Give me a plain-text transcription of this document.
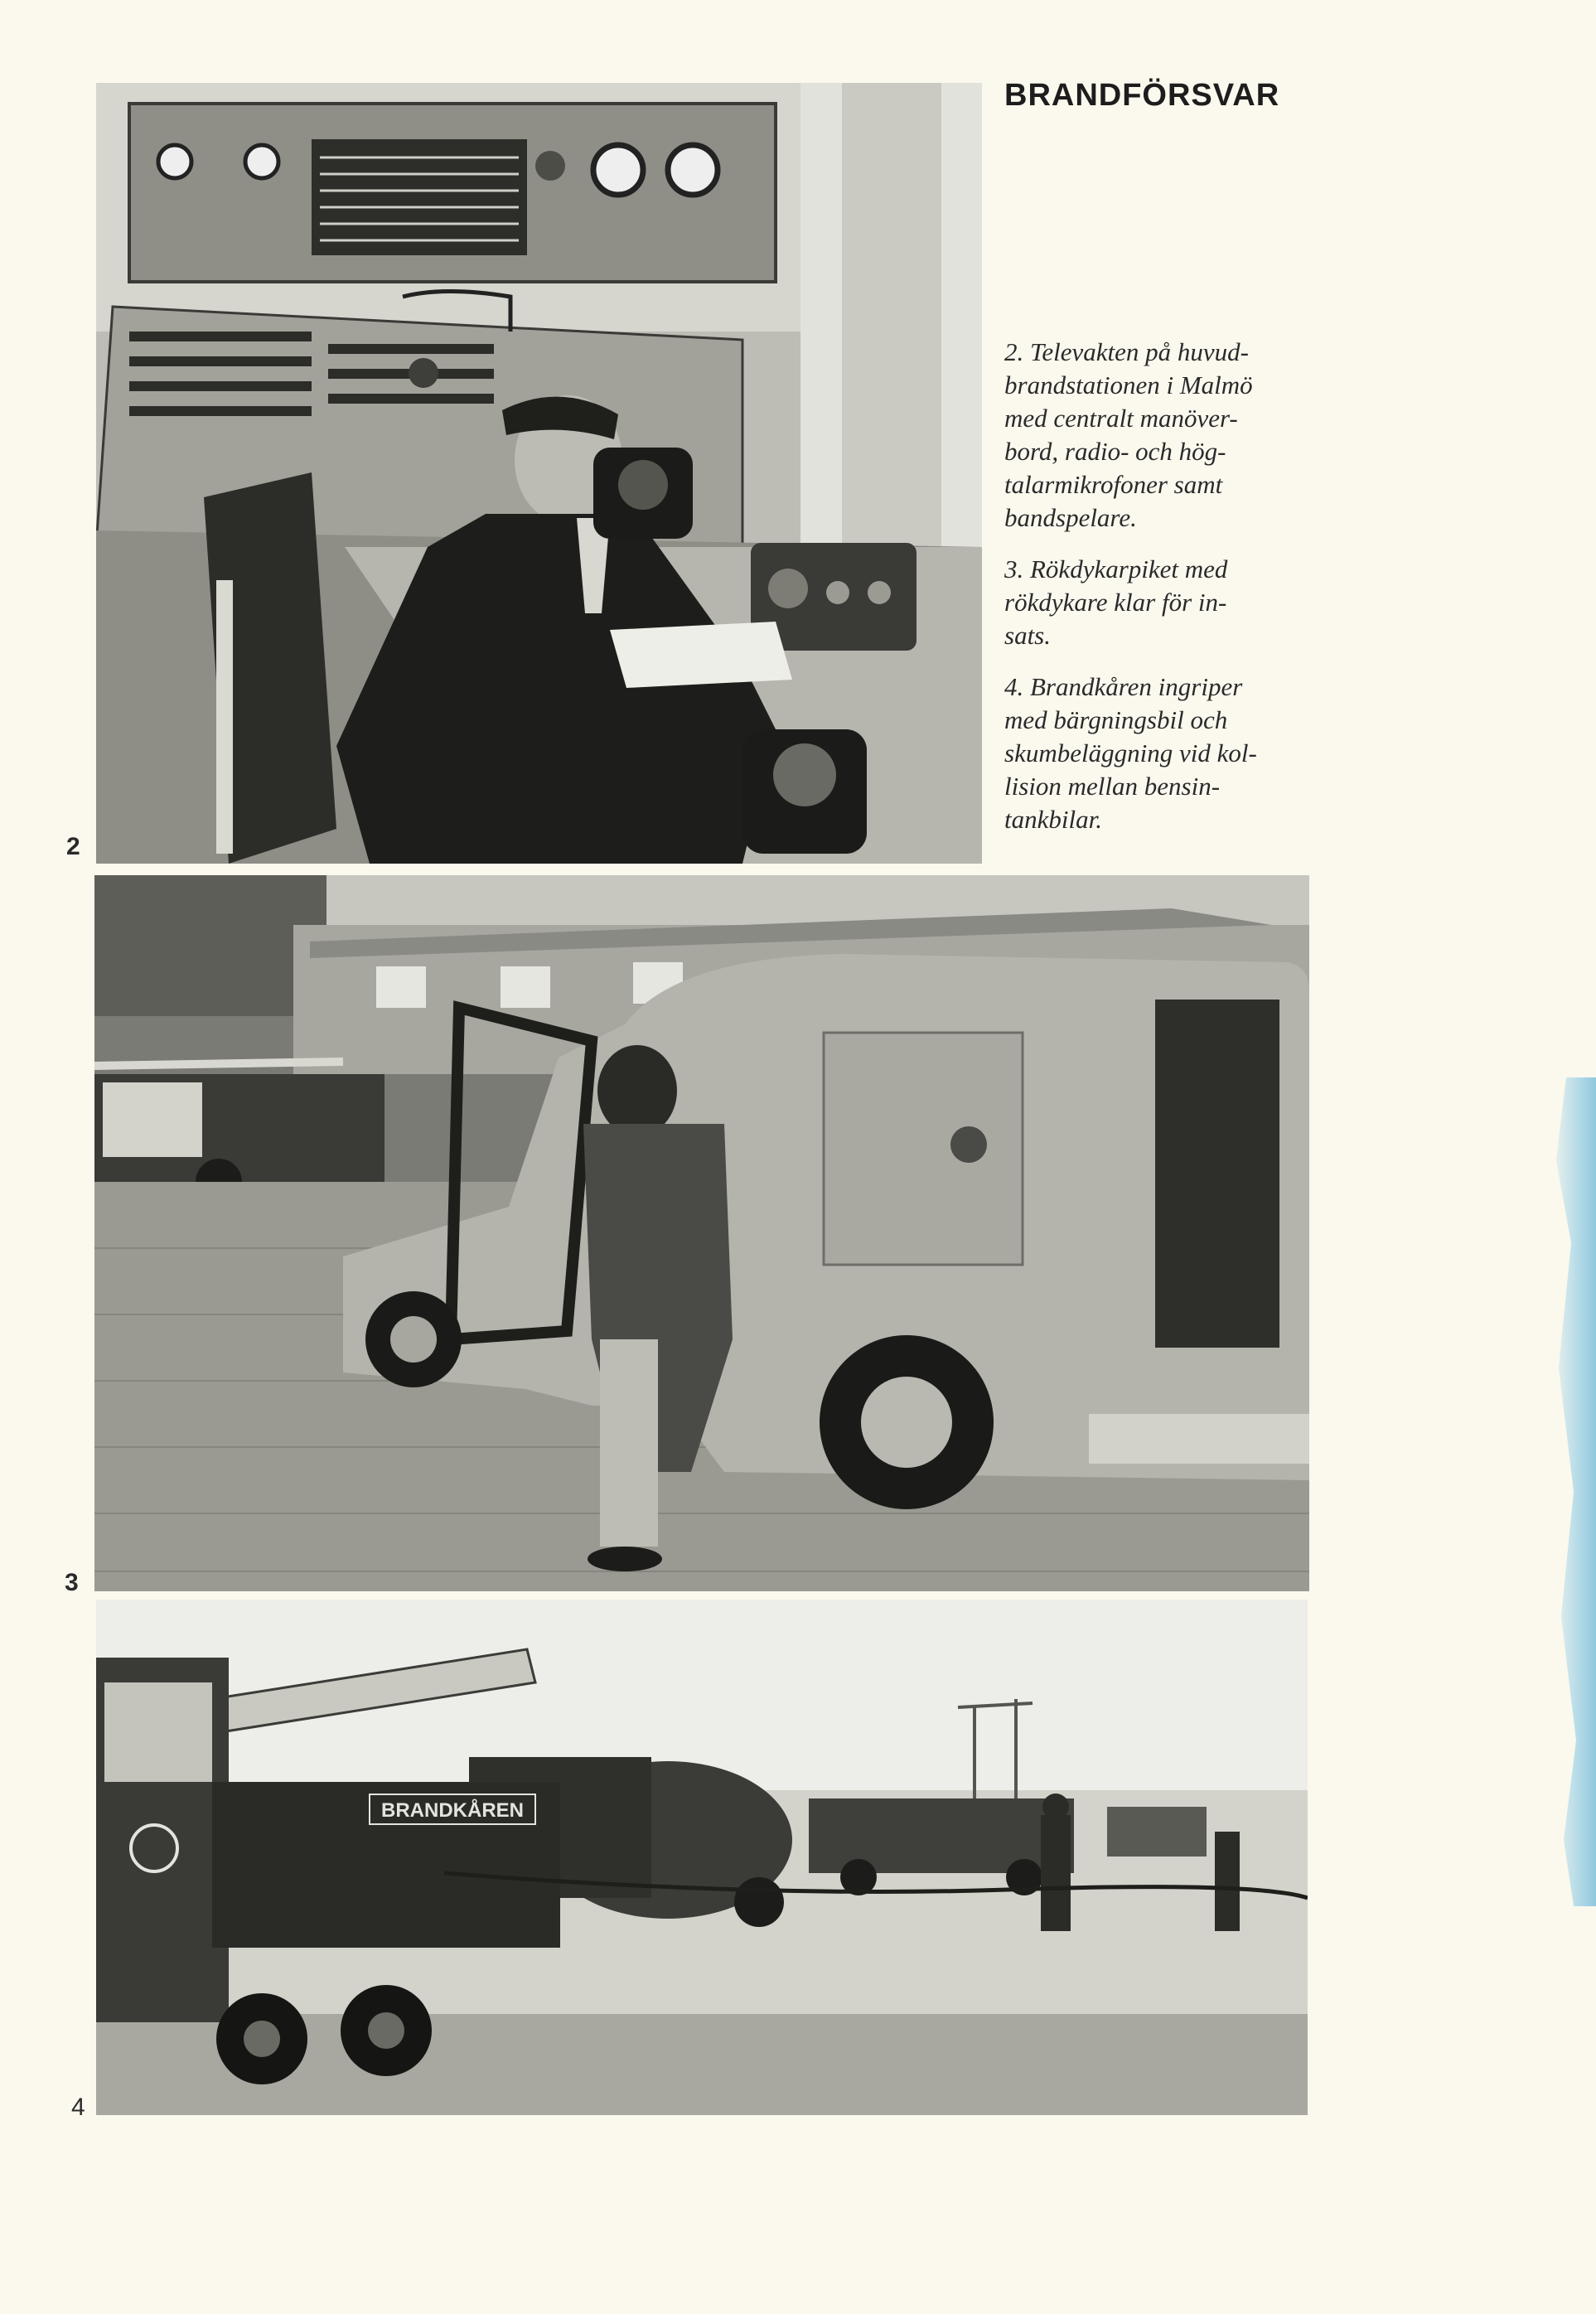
BRANDFÖRSVAR
2
3
BRANDKÅREN
4

2. Televakten på huvud-
brandstationen i Malmö
med centralt manöver-
bord, radio- och hög-
talarmikrofoner samt
bandspelare.

3. Rökdykarpiket med
rökdykare klar för in-
sats.

4. Brandkåren ingriper
med bärgningsbil och
skumbeläggning vid kol-
lision mellan bensin-
tankbilar.
